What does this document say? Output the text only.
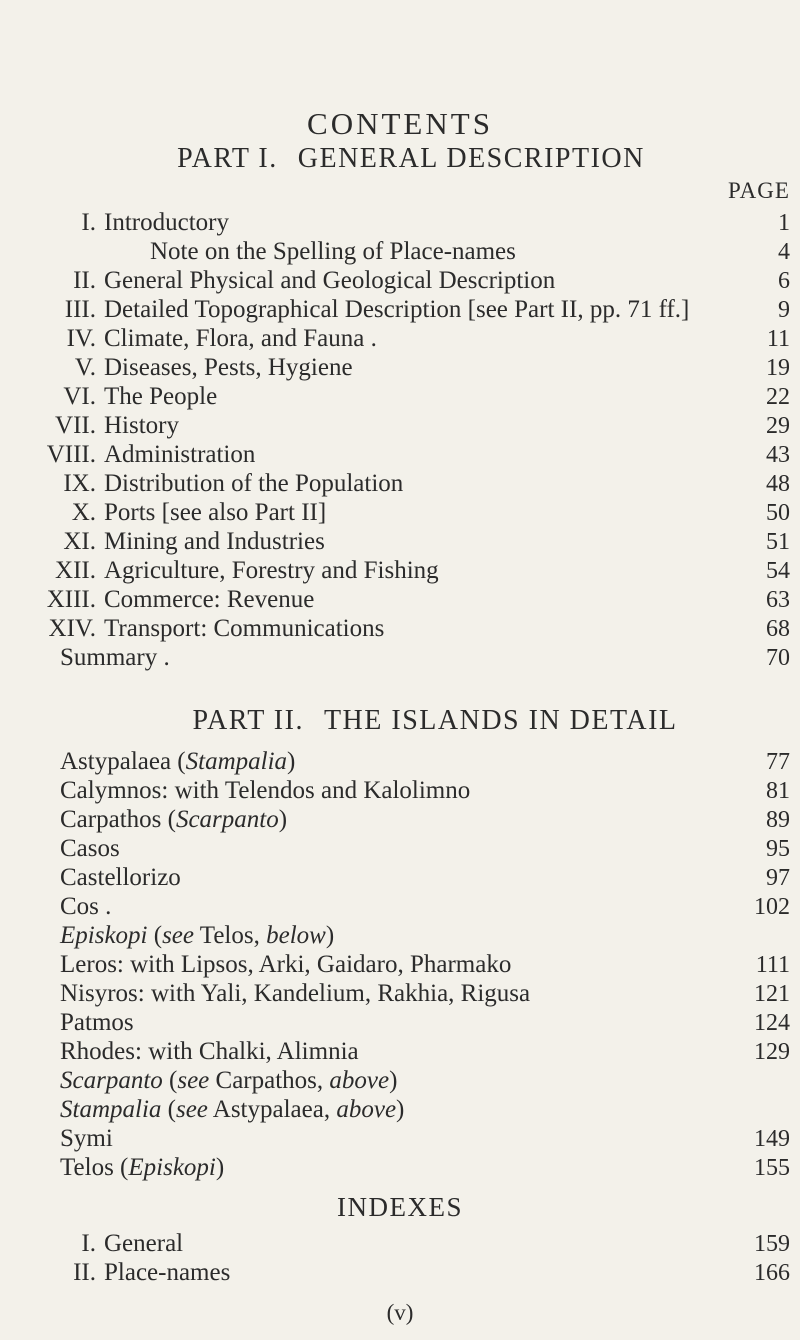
CONTENTS
PART I. GENERAL DESCRIPTION
PAGE
I. Introductory	1
Note on the Spelling of Place-names	4
II. General Physical and Geological Description	6
III. Detailed Topographical Description [see Part II, pp. 71 ff.]	9
IV. Climate, Flora, and Fauna .	11
V. Diseases, Pests, Hygiene	19
VI. The People	22
VII. History	29
VIII. Administration	43
IX. Distribution of the Population	48
X. Ports [see also Part II]	50
XI. Mining and Industries	51
XII. Agriculture, Forestry and Fishing	54
XIII. Commerce: Revenue	63
XIV. Transport: Communications	68
Summary .	70
PART II. THE ISLANDS IN DETAIL
Astypalaea (Stampalia)	77
Calymnos: with Telendos and Kalolimno	81
Carpathos (Scarpanto)	89
Casos	95
Castellorizo	97
Cos .	102
Episkopi (see Telos, below)
Leros: with Lipsos, Arki, Gaidaro, Pharmako	111
Nisyros: with Yali, Kandelium, Rakhia, Rigusa	121
Patmos	124
Rhodes: with Chalki, Alimnia	129
Scarpanto (see Carpathos, above)
Stampalia (see Astypalaea, above)
Symi	149
Telos (Episkopi)	155
INDEXES
I. General	159
II. Place-names	166
(v)
